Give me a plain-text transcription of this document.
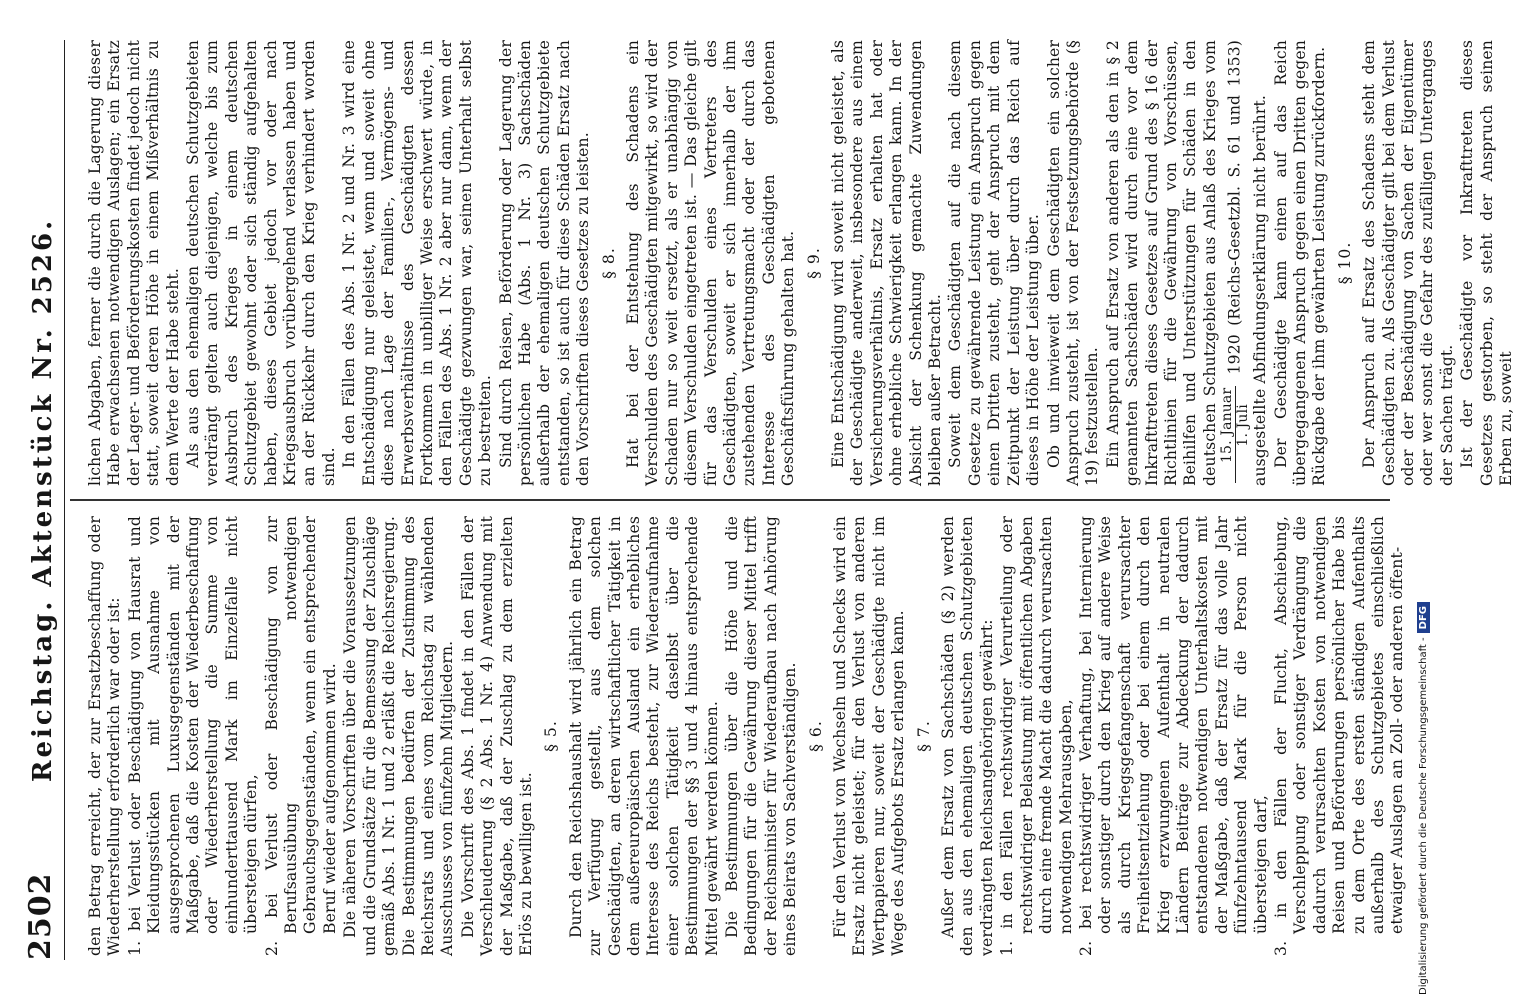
2502
Reichstag. Aktenstück Nr. 2526. den Betrag erreicht, der zur Ersatzbeschaffung oder Wiederherstellung erforderlich war oder ist: 1. bei Verlust oder Beschädigung von Hausrat und Kleidungsstücken mit Ausnahme von ausgesprochenen Luxusgegenständen mit der Maßgabe, daß die Kosten der Wiederbeschaffung oder Wiederherstellung die Summe von einhunderttausend Mark im Einzelfalle nicht übersteigen dürfen, 2. bei Verlust oder Beschädigung von zur Berufsausübung notwendigen Gebrauchsgegenständen, wenn ein entsprechender Beruf wieder aufgenommen wird. Die näheren Vorschriften über die Voraussetzungen und die Grundsätze für die Bemessung der Zuschläge gemäß Abs. 1 Nr. 1 und 2 erläßt die Reichsregierung. Die Bestimmungen bedürfen der Zustimmung des Reichsrats und eines vom Reichstag zu wählenden Ausschusses von fünfzehn Mitgliedern. Die Vorschrift des Abs. 1 findet in den Fällen der Verschleuderung (§ 2 Abs. 1 Nr. 4) Anwendung mit der Maßgabe, daß der Zuschlag zu dem erzielten Erlös zu bewilligen ist.

§ 5. Durch den Reichshaushalt wird jährlich ein Betrag zur Verfügung gestellt, aus dem solchen Geschädigten, an deren wirtschaftlicher Tätigkeit in dem außereuropäischen Ausland ein erhebliches Interesse des Reichs besteht, zur Wiederaufnahme einer solchen Tätigkeit daselbst über die Bestimmungen der §§ 3 und 4 hinaus entsprechende Mittel gewährt werden können. Die Bestimmungen über die Höhe und die Bedingungen für die Gewährung dieser Mittel trifft der Reichsminister für Wiederaufbau nach Anhörung eines Beirats von Sachverständigen. § 6. Für den Verlust von Wechseln und Schecks wird ein Ersatz nicht geleistet; für den Verlust von anderen Wertpapieren nur, soweit der Geschädigte nicht im Wege des Aufgebots Ersatz erlangen kann. § 7. Außer dem Ersatz von Sachschäden (§ 2) werden den aus den ehemaligen deutschen Schutzgebieten verdrängten Reichsangehörigen gewährt: 1. in den Fällen rechtswidriger Verurteilung oder rechtswidriger Belastung mit öffentlichen Abgaben durch eine fremde Macht die dadurch verursachten notwendigen Mehrausgaben, 2. bei rechtswidriger Verhaftung, bei Internierung oder sonstiger durch den Krieg auf andere Weise als durch Kriegsgefangenschaft verursachter Freiheitsentziehung oder bei einem durch den Krieg erzwungenen Aufenthalt in neutralen Ländern Beiträge zur Abdeckung der dadurch entstandenen notwendigen Unterhaltskosten mit der Maßgabe, daß der Ersatz für das volle Jahr fünfzehntausend Mark für die Person nicht übersteigen darf, 3. in den Fällen der Flucht, Abschiebung, Verschleppung oder sonstiger Verdrängung die dadurch verursachten Kosten von notwendigen Reisen und Beförderungen persönlicher Habe bis zu dem Orte des ersten ständigen Aufenthalts außerhalb des Schutzgebietes einschließlich etwaiger Auslagen an Zoll- oder anderen öffent-

lichen Abgaben, ferner die durch die Lagerung dieser Habe erwachsenen notwendigen Auslagen; ein Ersatz der Lager- und Beförderungskosten findet jedoch nicht statt, soweit deren Höhe in einem Mißverhältnis zu dem Werte der Habe steht. Als aus den ehemaligen deutschen Schutzgebieten verdrängt gelten auch diejenigen, welche bis zum Ausbruch des Krieges in einem deutschen Schutzgebiet gewohnt oder sich ständig aufgehalten haben, dieses Gebiet jedoch vor oder nach Kriegsausbruch vorübergehend verlassen haben und an der Rückkehr durch den Krieg verhindert worden sind. In den Fällen des Abs. 1 Nr. 2 und Nr. 3 wird eine Entschädigung nur geleistet, wenn und soweit ohne diese nach Lage der Familien-, Vermögens- und Erwerbsverhältnisse des Geschädigten dessen Fortkommen in unbilliger Weise erschwert würde, in den Fällen des Abs. 1 Nr. 2 aber nur dann, wenn der Geschädigte gezwungen war, seinen Unterhalt selbst zu bestreiten. Sind durch Reisen, Beförderung oder Lagerung der persönlichen Habe (Abs. 1 Nr. 3) Sachschäden außerhalb der ehemaligen deutschen Schutzgebiete entstanden, so ist auch für diese Schäden Ersatz nach den Vorschriften dieses Gesetzes zu leisten. § 8. Hat bei der Entstehung des Schadens ein Verschulden des Geschädigten mitgewirkt, so wird der Schaden nur so weit ersetzt, als er unabhängig von diesem Verschulden eingetreten ist. — Das gleiche gilt für das Verschulden eines Vertreters des Geschädigten, soweit er sich innerhalb der ihm zustehenden Vertretungsmacht oder der durch das Interesse des Geschädigten gebotenen Geschäftsführung gehalten hat. § 9. Eine Entschädigung wird soweit nicht geleistet, als der Geschädigte anderweit, insbesondere aus einem Versicherungsverhältnis, Ersatz erhalten hat oder ohne erhebliche Schwierigkeit erlangen kann. In der Absicht der Schenkung gemachte Zuwendungen bleiben außer Betracht. Soweit dem Geschädigten auf die nach diesem Gesetze zu gewährende Leistung ein Anspruch gegen einen Dritten zusteht, geht der Anspruch mit dem Zeitpunkt der Leistung über durch das Reich auf dieses in Höhe der Leistung über. Ob und inwieweit dem Geschädigten ein solcher Anspruch zusteht, ist von der Festsetzungsbehörde (§ 19) festzustellen. Ein Anspruch auf Ersatz von anderen als den in § 2 genannten Sachschäden wird durch eine vor dem Inkrafttreten dieses Gesetzes auf Grund des § 16 der Richtlinien für die Gewährung von Vorschüssen, Beihilfen und Unterstützungen für Schäden in den deutschen Schutzgebieten aus Anlaß des Krieges vom 15. Januar 1. Juli
1920 (Reichs-Gesetzbl. S. 61 und 1353) ausgestellte Abfindungserklärung nicht berührt. Der Geschädigte kann einen auf das Reich übergegangenen Anspruch gegen einen Dritten gegen Rückgabe der ihm gewährten Leistung zurückfordern. § 10. Der Anspruch auf Ersatz des Schadens steht dem Geschädigten zu. Als Geschädigter gilt bei dem Verlust oder der Beschädigung von Sachen der Eigentümer oder wer sonst die Gefahr des zufälligen Unterganges der Sachen trägt. Ist der Geschädigte vor Inkrafttreten dieses Gesetzes gestorben, so steht der Anspruch seinen Erben zu, soweit

Digitalisierung gefördert durch die Deutsche Forschungsgemeinschaft -
DFG
